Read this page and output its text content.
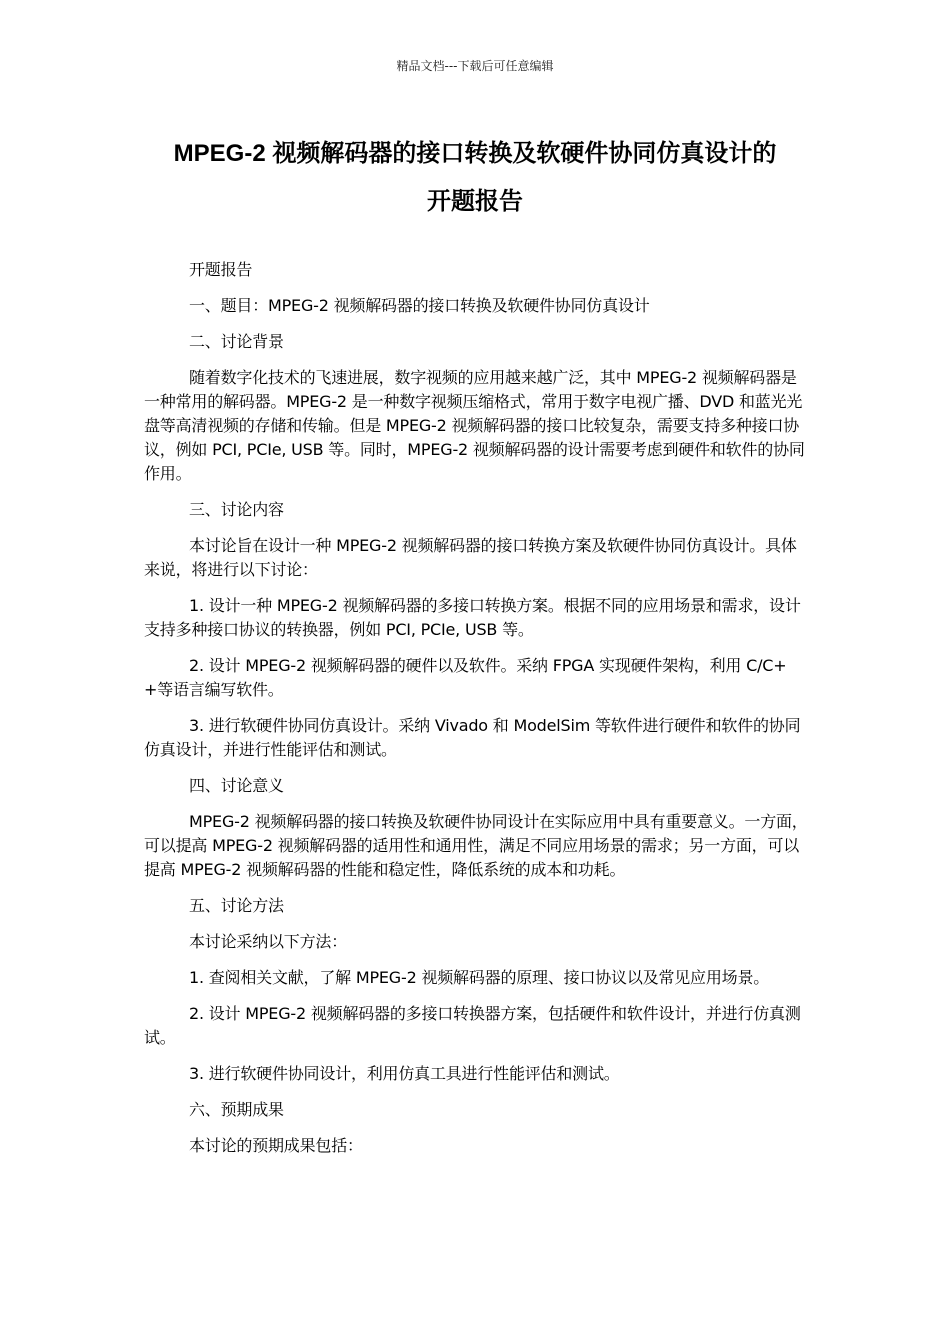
精品文档---下载后可任意编辑
MPEG-2 视频解码器的接口转换及软硬件协同仿真设计的
开题报告

开题报告

一、题目：MPEG-2 视频解码器的接口转换及软硬件协同仿真设计

二、讨论背景

随着数字化技术的飞速进展，数字视频的应用越来越广泛，其中 MPEG-2 视频解码器是一种常用的解码器。MPEG-2 是一种数字视频压缩格式，常用于数字电视广播、DVD 和蓝光光盘等高清视频的存储和传输。但是 MPEG-2 视频解码器的接口比较复杂，需要支持多种接口协议，例如 PCI, PCIe, USB 等。同时，MPEG-2 视频解码器的设计需要考虑到硬件和软件的协同作用。

三、讨论内容

本讨论旨在设计一种 MPEG-2 视频解码器的接口转换方案及软硬件协同仿真设计。具体来说，将进行以下讨论：

1. 设计一种 MPEG-2 视频解码器的多接口转换方案。根据不同的应用场景和需求，设计支持多种接口协议的转换器，例如 PCI, PCIe, USB 等。

2. 设计 MPEG-2 视频解码器的硬件以及软件。采纳 FPGA 实现硬件架构，利用 C/C++等语言编写软件。

3. 进行软硬件协同仿真设计。采纳 Vivado 和 ModelSim 等软件进行硬件和软件的协同仿真设计，并进行性能评估和测试。

四、讨论意义

MPEG-2 视频解码器的接口转换及软硬件协同设计在实际应用中具有重要意义。一方面，可以提高 MPEG-2 视频解码器的适用性和通用性，满足不同应用场景的需求；另一方面，可以提高 MPEG-2 视频解码器的性能和稳定性，降低系统的成本和功耗。

五、讨论方法

本讨论采纳以下方法：

1. 查阅相关文献，了解 MPEG-2 视频解码器的原理、接口协议以及常见应用场景。

2. 设计 MPEG-2 视频解码器的多接口转换器方案，包括硬件和软件设计，并进行仿真测试。

3. 进行软硬件协同设计，利用仿真工具进行性能评估和测试。

六、预期成果

本讨论的预期成果包括：
